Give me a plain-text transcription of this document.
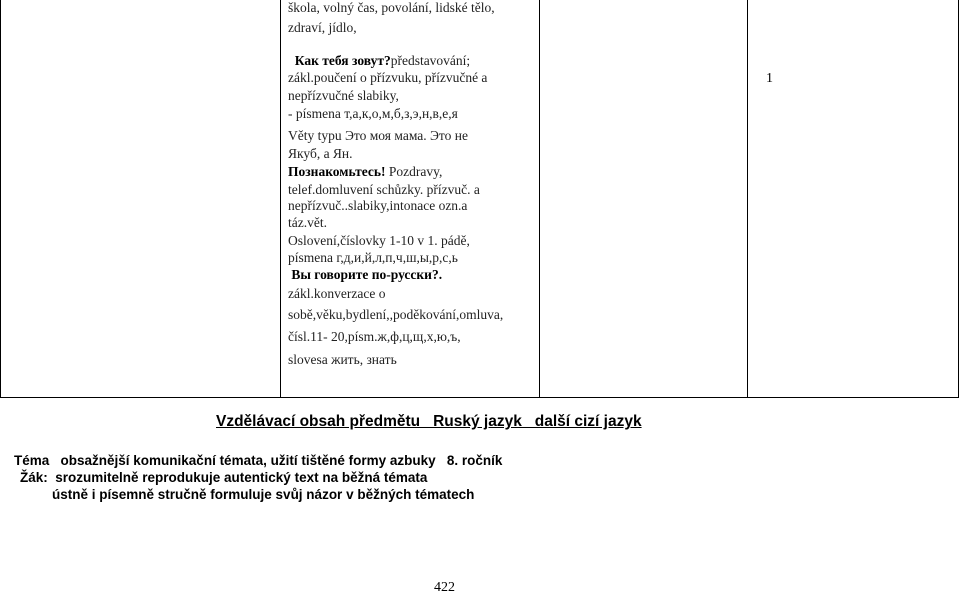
škola, volný čas, povolání, lidské tělo,
zdraví, jídlo,
Как тебя зовут?představování;
zákl.poučení o přízvuku, přízvučné a
nepřízvučné slabiky,
- písmena т,а,к,о,м,б,з,э,н,в,е,я
Věty typu Это моя мама. Это не
Якуб, а Ян.
Познакомьтесь! Pozdravy,
telef.domluvení schůzky. přízvuč. a
nepřízvuč..slabiky,intonace ozn.a
táz.vět.
Oslovení,číslovky 1-10 v 1. pádě,
písmena г,д,и,й,л,п,ч,ш,ы,р,с,ь
Вы говорите по-русски?.
zákl.konverzace o
sobě,věku,bydlení,,poděkování,omluva,
čísl.11- 20,písm.ж,ф,ц,щ,х,ю,ъ,
slovesa жить, знать
1
Vzdělávací obsah předmětu   Ruský jazyk   další cizí jazyk
Téma   obsažnější komunikační témata, užití tištěné formy azbuky   8. ročník
Žák:  srozumitelně reprodukuje autentický text na běžná témata
ústně i písemně stručně formuluje svůj názor v běžných tématech
422
